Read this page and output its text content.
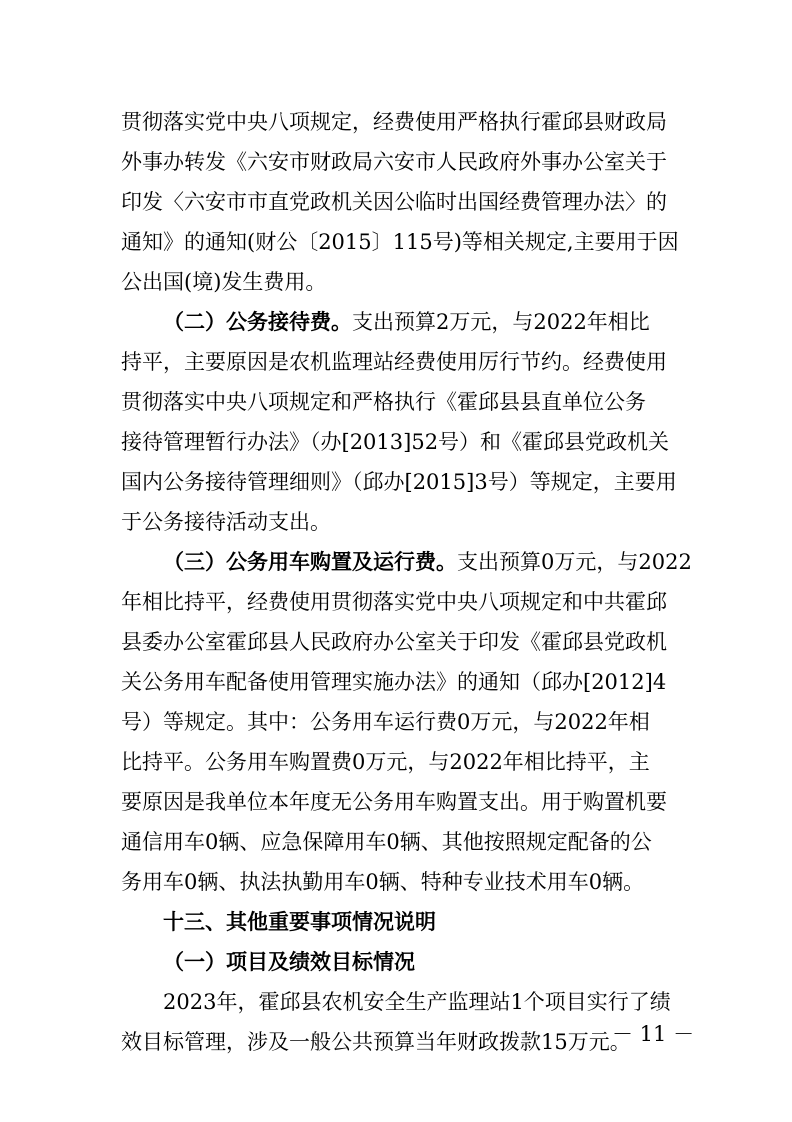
贯彻落实党中央八项规定，经费使用严格执行霍邱县财政局
外事办转发《六安市财政局六安市人民政府外事办公室关于
印发〈六安市市直党政机关因公临时出国经费管理办法〉的
通知》的通知(财公〔2015〕115号)等相关规定,主要用于因
公出国(境)发生费用。
（二）公务接待费。支出预算2万元，与2022年相比
持平，主要原因是农机监理站经费使用厉行节约。经费使用
贯彻落实中央八项规定和严格执行《霍邱县县直单位公务
接待管理暂行办法》（办[2013]52号）和《霍邱县党政机关
国内公务接待管理细则》（邱办[2015]3号）等规定，主要用
于公务接待活动支出。
（三）公务用车购置及运行费。支出预算0万元，与2022
年相比持平，经费使用贯彻落实党中央八项规定和中共霍邱
县委办公室霍邱县人民政府办公室关于印发《霍邱县党政机
关公务用车配备使用管理实施办法》的通知（邱办[2012]4
号）等规定。其中：公务用车运行费0万元，与2022年相
比持平。公务用车购置费0万元，与2022年相比持平，主
要原因是我单位本年度无公务用车购置支出。用于购置机要
通信用车0辆、应急保障用车0辆、其他按照规定配备的公
务用车0辆、执法执勤用车0辆、特种专业技术用车0辆。
十三、其他重要事项情况说明
（一）项目及绩效目标情况
2023年，霍邱县农机安全生产监理站1个项目实行了绩
效目标管理，涉及一般公共预算当年财政拨款15万元。
－ 11 －
